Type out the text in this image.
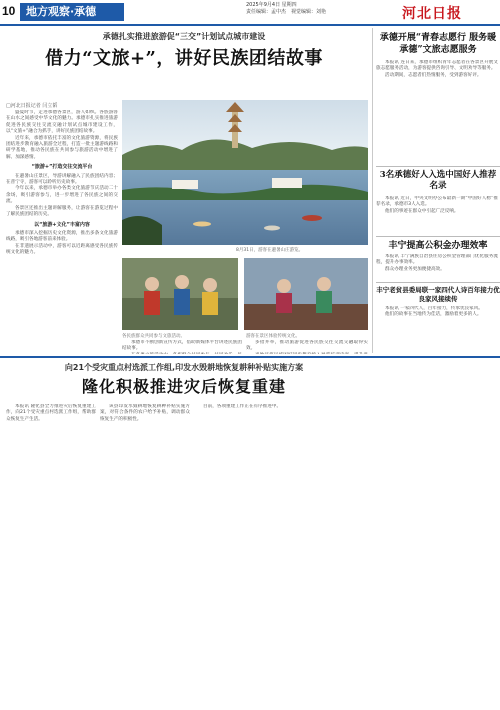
10 地方观察·承德	2025年9月4日 星期四
责任编辑：孟中杰　视觉编辑：刘艳	河北日报
承德扎实推进旅游促“三交”计划试点城市建设
借力“文旅+”，讲好民族团结故事
□河北日报记者 闫立韬
盛夏时节，走进承德各景区，游人如织。各族游客在山水之间感受中华文化的魅力。承德市扎实推进旅游促进各民族交往交流交融计划试点城市建设工作，以“文旅+”融合为抓手，讲好民族团结故事。
近年来，承德市依托丰富的文化旅游资源，将民族团结进步教育融入旅游全过程，打造一批主题游线路和研学基地，推动各民族在共同参与旅游活动中增进了解、加深感情。
“旅游+”打造交往交流平台
在避暑山庄景区，导游讲解融入了民族团结内容；在普宁寺，游客可以聆听历史故事。
今年以来，承德市举办各类文化旅游节庆活动二十余场，吸引游客参与，进一步增进了各民族之间的交流。
各景区还推出主题讲解服务，让游客在游览过程中了解民族团结的历史。
以“旅游+文化”丰富内容
承德市深入挖掘历史文化资源，推出多条文化旅游线路，吸引各地游客前来体验。
在非遗展示活动中，游客可以近距离感受各民族传统文化的魅力。	8月31日，游客在避暑山庄游览。
各民族群众共同参与文旅活动。	游客在景区体验传统文化。
承德市不断创新宣传方式，借助新媒体平台讲述民族团结故事。
多措并举，推动旅游促进各民族交往交流交融取得实效。
承德开展“青春志愿行 服务暖承德”文旅志愿服务
本报讯 连日来，承德市组织青年志愿者在各景区开展文旅志愿服务活动，为游客提供咨询引导、文明劝导等服务。
活动期间，志愿者们热情服务，受到游客好评。
3名承德好人入选中国好人推荐名录
本报讯 近日，中央文明办公布最新一期“中国好人榜”推荐名录，承德市3人入选。
他们的事迹在群众中引起广泛反响。
丰宁提高公积金办理效率
本报讯 丰宁满族自治县住房公积金管理部门优化服务流程，提升办事效率。
群众办理业务更加便捷高效。
丰宁老贫县委局联一家四代人诗百年接力优良家风接续传
本报讯 一家四代人，百年接力，传承优良家风。
他们的故事在当地传为佳话，激励着更多的人。
向21个受灾重点村选派工作组,印发水毁耕地恢复耕种补贴实施方案
隆化积极推进灾后恢复重建
本报讯 隆化县全力推进灾后恢复重建工作，向21个受灾重点村选派工作组，帮助群众恢复生产生活。
该县印发水毁耕地恢复耕种补贴实施方案，对符合条件的农户给予补贴，调动群众恢复生产的积极性。
目前，各项重建工作正在有序推进中。
